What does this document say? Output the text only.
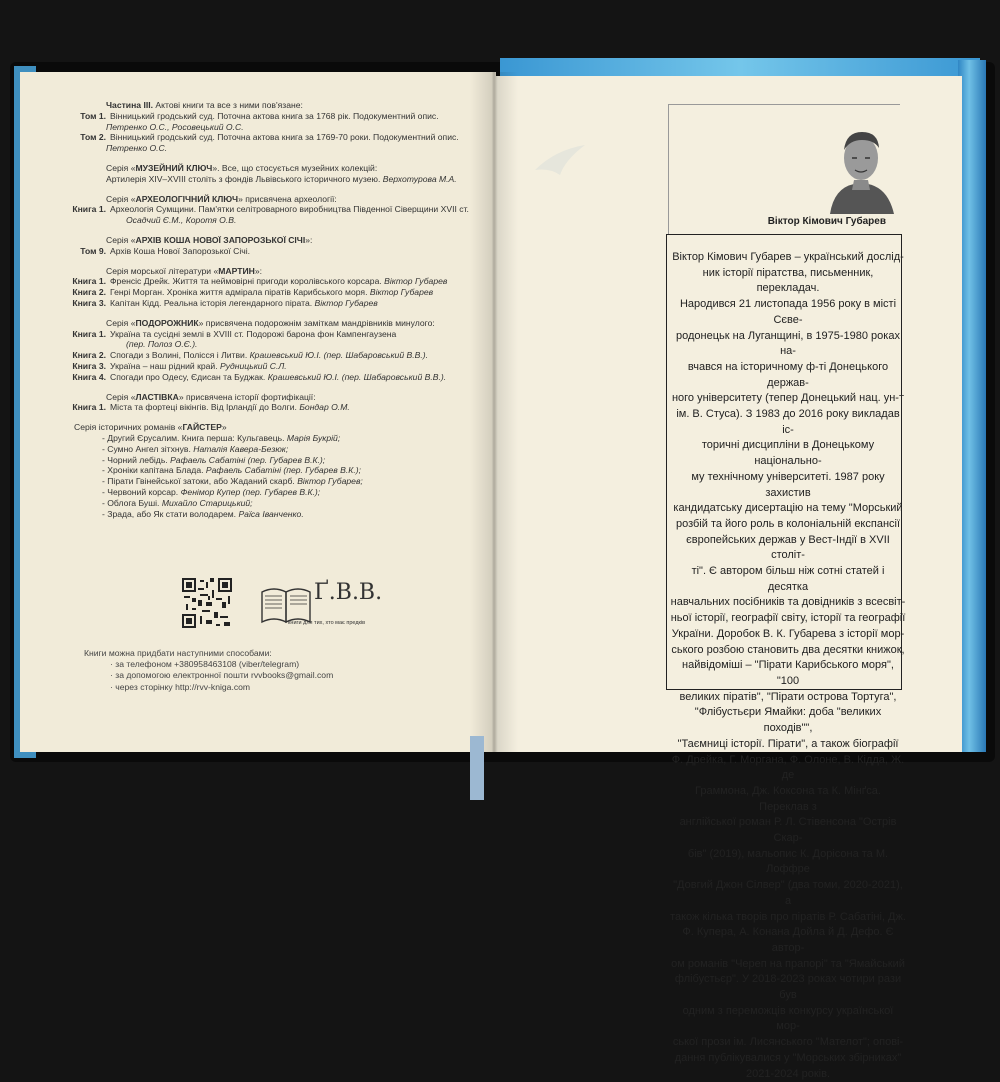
Частина ІІІ. Актові книги та все з ними пов'язане:

Том 1. Вінницький гродський суд. Поточна актова книга за 1768 рік. Подокументний опис.

Петренко О.С., Росовецький О.С.

Том 2. Вінницький гродський суд. Поточна актова книга за 1769-70 роки. Подокументний опис.

Петренко О.С.

Серія «МУЗЕЙНИЙ КЛЮЧ». Все, що стосується музейних колекцій:

Артилерія XIV–XVIII століть з фондів Львівського історичного музею. Верхотурова М.А.

Серія «АРХЕОЛОГІЧНИЙ КЛЮЧ» присвячена археології:

Книга 1. Археологія Сумщини. Пам'ятки селітроварного виробництва Південної Сіверщини XVII ст.

Осадчий Є.М., Коротя О.В.

Серія «АРХІВ КОША НОВОЇ ЗАПОРОЗЬКОЇ СІЧІ»:

Том 9. Архів Коша Нової Запорозької Січі.

Серія морської літератури «МАРТИН»:

Книга 1. Френсіс Дрейк. Життя та неймовірні пригоди королівського корсара. Віктор Губарев
Книга 2. Генрі Морган. Хроніка життя адмірала піратів Карибського моря. Віктор Губарев
Книга 3. Капітан Кідд. Реальна історія легендарного пірата. Віктор Губарев

Серія «ПОДОРОЖНИК» присвячена подорожнім заміткам мандрівників минулого:

Книга 1. Україна та сусідні землі в XVIII ст. Подорожі барона фон Кампенгаузена

(пер. Полоз О.Є.).

Книга 2. Спогади з Волині, Полісся і Литви. Крашевський Ю.І. (пер. Шабаровський В.В.).
Книга 3. Україна – наш рідний край. Рудницький С.Л.
Книга 4. Спогади про Одесу, Єдисан та Буджак. Крашевський Ю.І. (пер. Шабаровський В.В.).

Серія «ЛАСТІВКА» присвячена історії фортифікації:

Книга 1. Міста та фортеці вікінгів. Від Ірландії до Волги. Бондар О.М.

Серія історичних романів «ГАЙСТЕР»

- Другий Єрусалим. Книга перша: Кульгавець. Марія Букрій;

- Сумно Ангел зітхнув. Наталія Кавера-Безюк;

- Чорний лебідь. Рафаель Сабатіні (пер. Губарев В.К.);

- Хроніки капітана Блада. Рафаель Сабатіні (пер. Губарев В.К.);

- Пірати Гвінейської затоки, або Жаданий скарб. Віктор Губарев;

- Червоний корсар. Фенімор Купер (пер. Губарев В.К.);

- Облога Буші. Михайло Старицький;

- Зрада, або Як стати володарем. Раїса Іванченко.

Ґ.В.В.
книги для тих, хто має предків

Книги можна придбати наступними способами:

· за телефоном +380958463108 (viber/telegram)

· за допомогою електронної пошти rvvbooks@gmail.com

· через сторінку http://rvv-kniga.com

Віктор Кімович Губарев
Віктор Кімович Губарев – український дослід-
ник історії піратства, письменник, перекладач.
Народився 21 листопада 1956 року в місті Сєве-
родонецьк на Луганщині, в 1975-1980 роках на-
вчався на історичному ф-ті Донецького держав-
ного університету (тепер Донецький нац. ун-т
ім. В. Стуса). З 1983 до 2016 року викладав іс-
торичні дисципліни в Донецькому національно-
му технічному університеті. 1987 року захистив
кандидатську дисертацію на тему "Морський
розбій та його роль в колоніальній експансії
європейських держав у Вест-Індії в XVII століт-
ті". Є автором більш ніж сотні статей і десятка
навчальних посібників та довідників з всесвіт-
ньої історії, географії світу, історії та географії
України. Доробок В. К. Губарева з історії мор-
ського розбою становить два десятки книжок,
найвідоміші – "Пірати Карибського моря", "100
великих піратів", "Пірати острова Тортуга",
"Флібустьєри Ямайки: доба "великих походів"",
"Таємниці історії. Пірати", а також біографії
Ф. Дрейка, Г. Моргана, Ф. Олоне, В. Кідда, Ж. де
Граммона, Дж. Коксона та К. Мінґса. Переклав з
англійської роман Р. Л. Стівенсона "Острів Скар-
бів" (2019), мальопис К. Дорісона та М. Лоффре
"Довгий Джон Сілвер" (два томи, 2020-2021), а
також кілька творів про піратів Р. Сабатіні, Дж.
Ф. Купера, А. Конана Дойла й Д. Дефо. Є автор-
ом романів "Череп на прапорі" та "Ямайський
флібустьєр". У 2018-2023 роках чотири рази був
одним з переможців конкурсу української мор-
ської прози ім. Лисянського "Мателот"; опові-
дання публікувалися у "Морських збірниках"
2021-2024 років.
